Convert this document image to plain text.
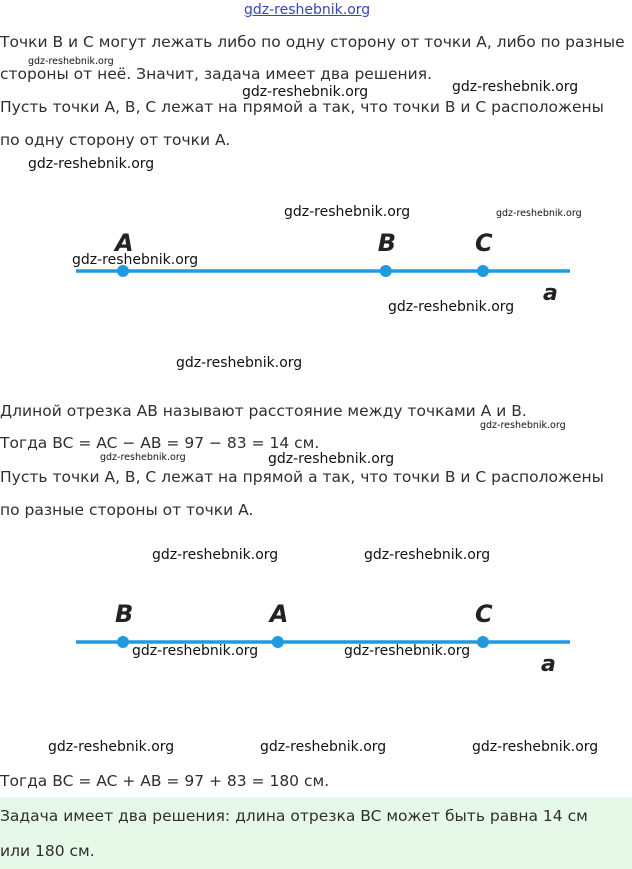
gdz-reshebnik.org
Точки B и C могут лежать либо по одну сторону от точки A, либо по разные
стороны от неё. Значит, задача имеет два решения.
Пусть точки A, B, C лежат на прямой a так, что точки B и C расположены
по одну сторону от точки A.
A	B	C
a
Длиной отрезка AB называют расстояние между точками A и B.
Тогда BC = AC − AB = 97 − 83 = 14 см.
Пусть точки A, B, C лежат на прямой a так, что точки B и C расположены
по разные стороны от точки A.
B	A	C
a
Тогда BC = AC + AB = 97 + 83 = 180 см.
Задача имеет два решения: длина отрезка BC может быть равна 14 см
или 180 см.
gdz-reshebnik.org
gdz-reshebnik.org	gdz-reshebnik.org
gdz-reshebnik.org
gdz-reshebnik.org	gdz-reshebnik.org
gdz-reshebnik.org
gdz-reshebnik.org
gdz-reshebnik.org
gdz-reshebnik.org
gdz-reshebnik.org	gdz-reshebnik.org
gdz-reshebnik.org	gdz-reshebnik.org
gdz-reshebnik.org	gdz-reshebnik.org
gdz-reshebnik.org	gdz-reshebnik.org	gdz-reshebnik.org
